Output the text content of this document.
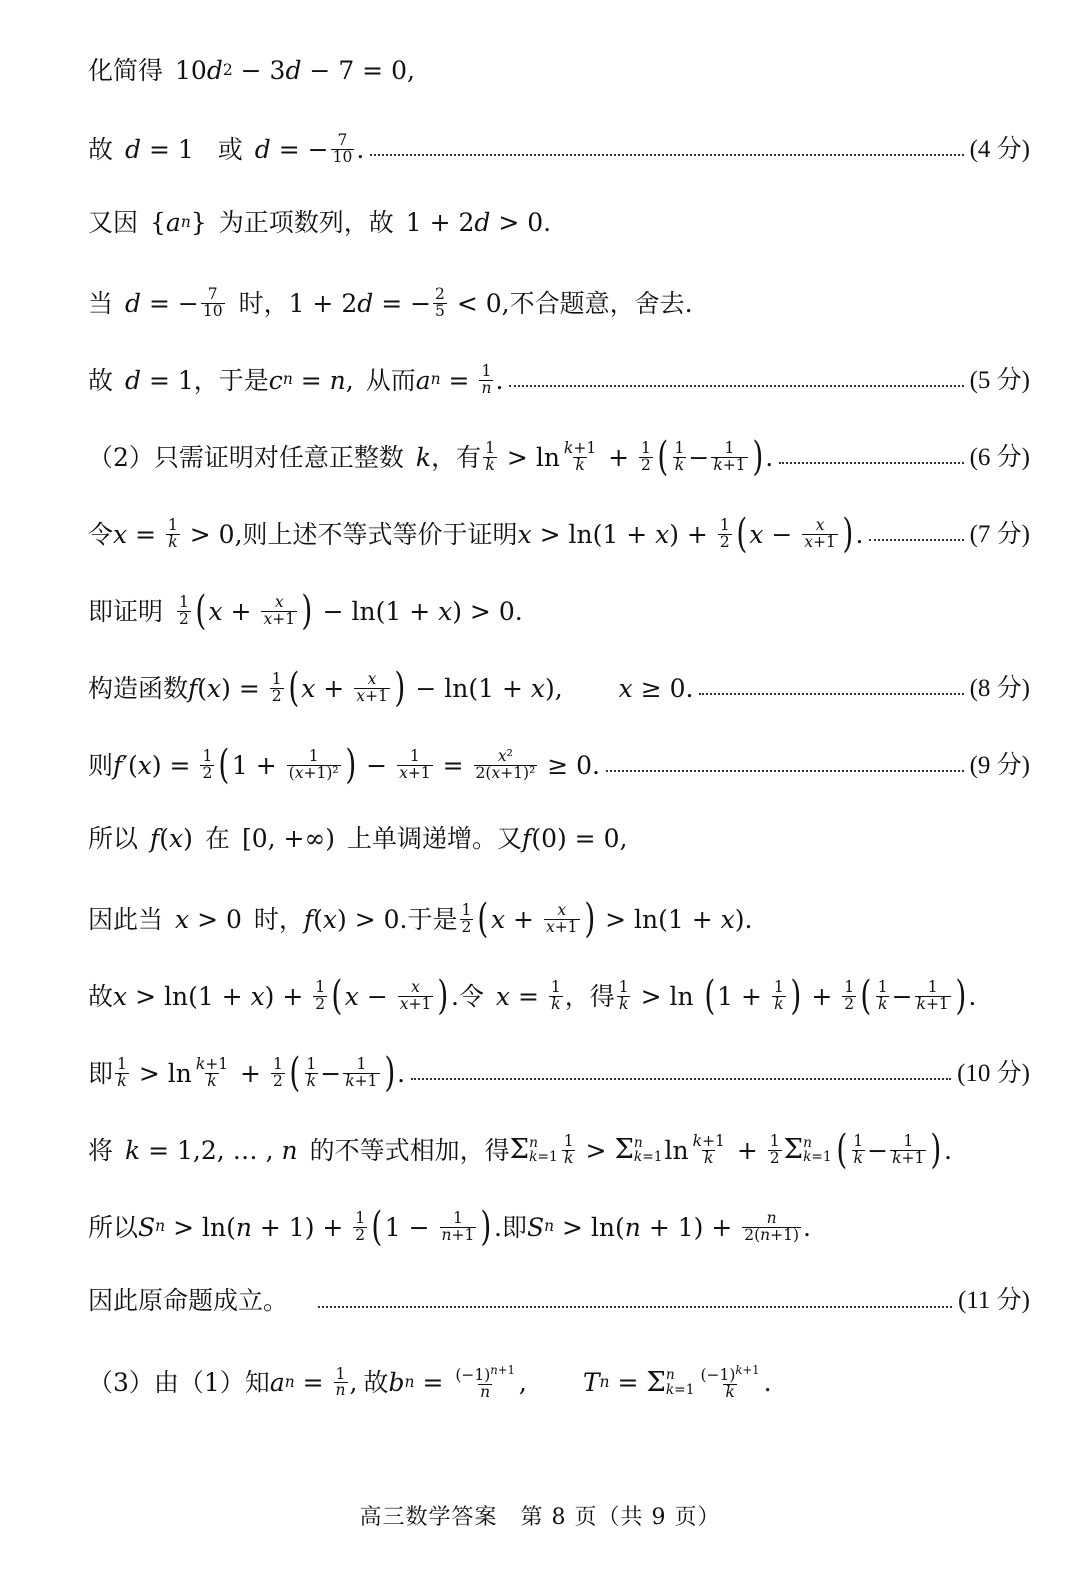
化简得 10 d 2 − 3 d − 7 = 0,
故 d = 1 或 d = − $\frac{7}{10}$ .	(4 分)
又因 { a n } 为正项数列，故 1 + 2 d > 0.
当 d = − $\frac{7}{10}$ 时， 1 + 2 d = − $\frac{2}{5} < 0$, 不合题意，舍去.
故 d = 1， 于是 c n = n , 从而 a $n = \frac{1}{n}$ .	(5 分)
（2）只需证明对任意正整数 k ， 有 $\frac{1}{k} > \ln \frac{k+1}{k} + \frac{1}{2}$ ( $\frac{1}{k} - \frac{1}{k+1}$ ) .	(6 分)
令 $x = \frac{1}{k} > 0$, 则上述不等式等价于证明 x > ln(1 + x ) + $\frac{1}{2}$ ( $x - \frac{x}{x+1}$ ) .	(7 分)
即证明 $\frac{1}{2}$ ( $x + \frac{x}{x+1}$ ) − ln(1 + x ) > 0.
构造函数 f ( x ) = $\frac{1}{2}$ ( $x + \frac{x}{x+1}$ ) − ln(1 + x ), x ≥ 0.	(8 分)
则 f ′( x ) = $\frac{1}{2}$ ( $1 + \frac{1}{\text{(x+1)²}}$ ) − $\frac{1}{x+1} = \frac{\text{x²}}{\text{2(x+1)²}} \ge 0$.	(9 分)
所以 f ( x ) 在 [0, +∞) 上单调递增。又 f (0) = 0,
因此当 x > 0 时， f ( x ) > 0. 于是 $\frac{1}{2}$ ( $x + \frac{x}{x+1}$ ) > ln(1 + x ).
故 x > ln(1 + x ) + $\frac{1}{2}$ ( $x - \frac{x}{x+1}$ ) . 令 $x = \frac{1}{k}$ ， 得 $\frac{1}{k} > \ln$ ( $1 + \frac{1}{k}$ ) + $\frac{1}{2}$ ( $\frac{1}{k} - \frac{1}{k+1}$ ) .
即 $\frac{1}{k} > \ln \frac{k+1}{k} + \frac{1}{2}$ ( $\frac{1}{k} - \frac{1}{k+1}$ ) .	(10 分)
将 k = 1,2, … , n 的不等式相加，得 Σ n
$k=1 \frac{1}{k} > \Sigma$ n
k=1 $\ln \frac{k+1}{k} + \frac{1}{2}$ Σ n
k=1 ( $\frac{1}{k} - \frac{1}{k+1}$ ) .
所以 S n > ln( $n + 1) + \frac{1}{2}$ ( $1 - \frac{1}{n+1}$ ) . 即 S n > ln( $n + 1) + \frac{n}{2(n+1)}$ .
因此原命题成立。	(11 分)
（3）由（1）知 a $n = \frac{1}{n}$ , 故 b $n = \frac{(-1)^{n+1}}{n}$ , T n = Σ n
$k=1 \frac{(-1)^{k+1}}{k}$ .
高三数学答案　第 8 页（共 9 页）
